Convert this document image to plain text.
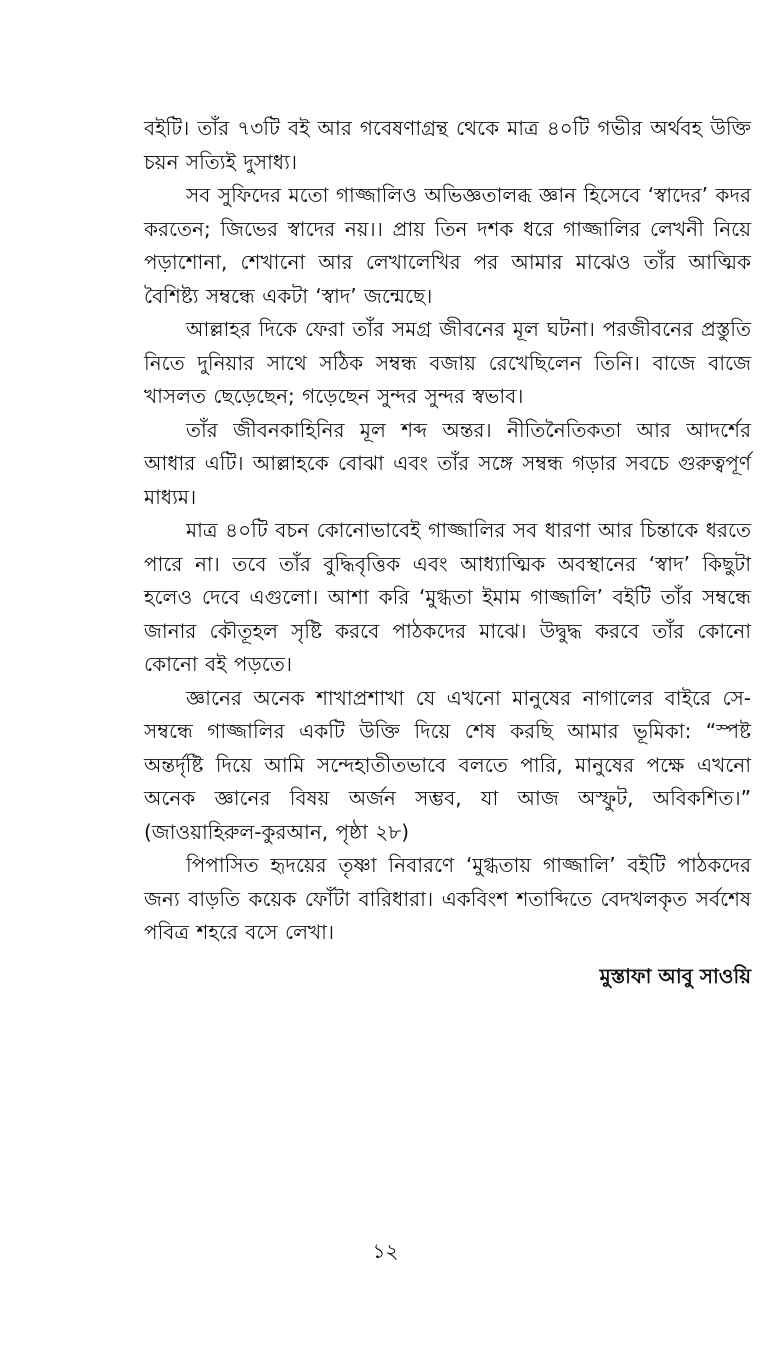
বইটি। তাঁর ৭৩টি বই আর গবেষণাগ্রন্থ থেকে মাত্র ৪০টি গভীর অর্থবহ উক্তি চয়ন সত্যিই দুসাধ্য।

সব সুফিদের মতো গাজ্জালিও অভিজ্ঞতালব্ধ জ্ঞান হিসেবে ‘স্বাদের’ কদর করতেন; জিভের স্বাদের নয়।। প্রায় তিন দশক ধরে গাজ্জালির লেখনী নিয়ে পড়াশোনা, শেখানো আর লেখালেখির পর আমার মাঝেও তাঁর আত্মিক বৈশিষ্ট্য সম্বন্ধে একটা ‘স্বাদ’ জন্মেছে।

আল্লাহর দিকে ফেরা তাঁর সমগ্র জীবনের মূল ঘটনা। পরজীবনের প্রস্তুতি নিতে দুনিয়ার সাথে সঠিক সম্বন্ধ বজায় রেখেছিলেন তিনি। বাজে বাজে খাসলত ছেড়েছেন; গড়েছেন সুন্দর সুন্দর স্বভাব।

তাঁর জীবনকাহিনির মূল শব্দ অন্তর। নীতিনৈতিকতা আর আদর্শের আধার এটি। আল্লাহকে বোঝা এবং তাঁর সঙ্গে সম্বন্ধ গড়ার সবচে গুরুত্বপূর্ণ মাধ্যম।

মাত্র ৪০টি বচন কোনোভাবেই গাজ্জালির সব ধারণা আর চিন্তাকে ধরতে পারে না। তবে তাঁর বুদ্ধিবৃত্তিক এবং আধ্যাত্মিক অবস্থানের ‘স্বাদ’ কিছুটা হলেও দেবে এগুলো। আশা করি ‘মুগ্ধতা ইমাম গাজ্জালি’ বইটি তাঁর সম্বন্ধে জানার কৌতূহল সৃষ্টি করবে পাঠকদের মাঝে। উদ্বুদ্ধ করবে তাঁর কোনো কোনো বই পড়তে।

জ্ঞানের অনেক শাখাপ্রশাখা যে এখনো মানুষের নাগালের বাইরে সে-সম্বন্ধে গাজ্জালির একটি উক্তি দিয়ে শেষ করছি আমার ভূমিকা: “স্পষ্ট অন্তর্দৃষ্টি দিয়ে আমি সন্দেহাতীতভাবে বলতে পারি, মানুষের পক্ষে এখনো অনেক জ্ঞানের বিষয় অর্জন সম্ভব, যা আজ অস্ফুট, অবিকশিত।” (জাওয়াহিরুল-কুরআন, পৃষ্ঠা ২৮)

পিপাসিত হৃদয়ের তৃষ্ণা নিবারণে ‘মুগ্ধতায় গাজ্জালি’ বইটি পাঠকদের জন্য বাড়তি কয়েক ফোঁটা বারিধারা। একবিংশ শতাব্দিতে বেদখলকৃত সর্বশেষ পবিত্র শহরে বসে লেখা।

মুস্তাফা আবু সাওয়ি

১২
